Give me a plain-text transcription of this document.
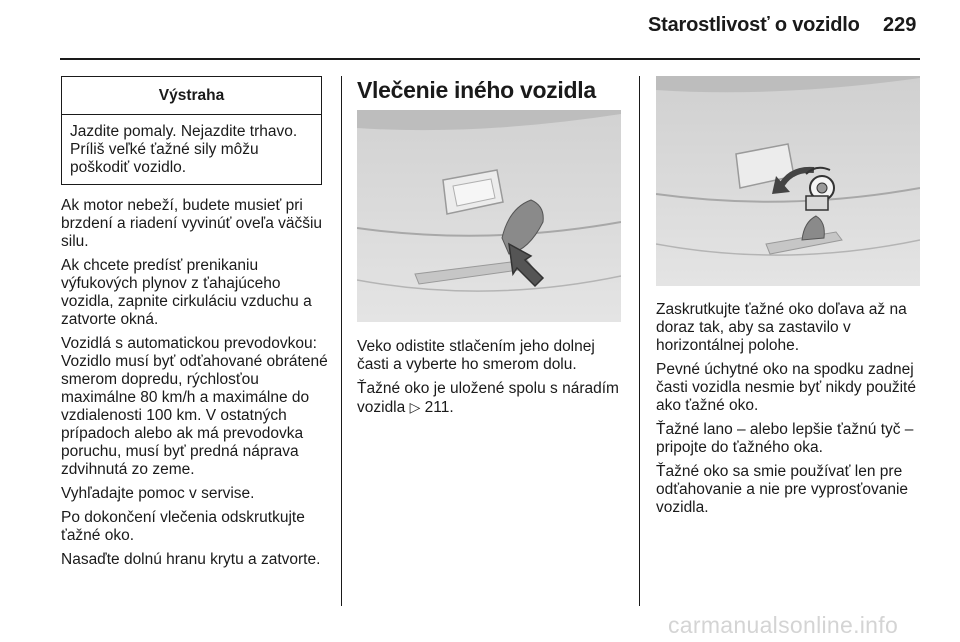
Starostlivosť o vozidlo 229
Výstraha
Jazdite pomaly. Nejazdite trhavo. Príliš veľké ťažné sily môžu poškodiť vozidlo.

Ak motor nebeží, budete musieť pri brzdení a riadení vyvinúť oveľa väčšiu silu.

Ak chcete predísť prenikaniu výfukových plynov z ťahajúceho vozidla, zapnite cirkuláciu vzduchu a zatvorte okná.

Vozidlá s automatickou prevodovkou: Vozidlo musí byť odťahované obrátené smerom dopredu, rýchlosťou maximálne 80 km/h a maximálne do vzdialenosti 100 km. V ostatných prípadoch alebo ak má prevodovka poruchu, musí byť predná náprava zdvihnutá zo zeme.

Vyhľadajte pomoc v servise.

Po dokončení vlečenia odskrutkujte ťažné oko.

Nasaďte dolnú hranu krytu a zatvorte.

Vlečenie iného vozidla

Veko odistite stlačením jeho dolnej časti a vyberte ho smerom dolu.

Ťažné oko je uložené spolu s náradím vozidla ▷ 211.

Zaskrutkujte ťažné oko doľava až na doraz tak, aby sa zastavilo v horizontálnej polohe.

Pevné úchytné oko na spodku zadnej časti vozidla nesmie byť nikdy použité ako ťažné oko.

Ťažné lano – alebo lepšie ťažnú tyč – pripojte do ťažného oka.

Ťažné oko sa smie používať len pre odťahovanie a nie pre vyprosťovanie vozidla.

carmanualsonline.info
